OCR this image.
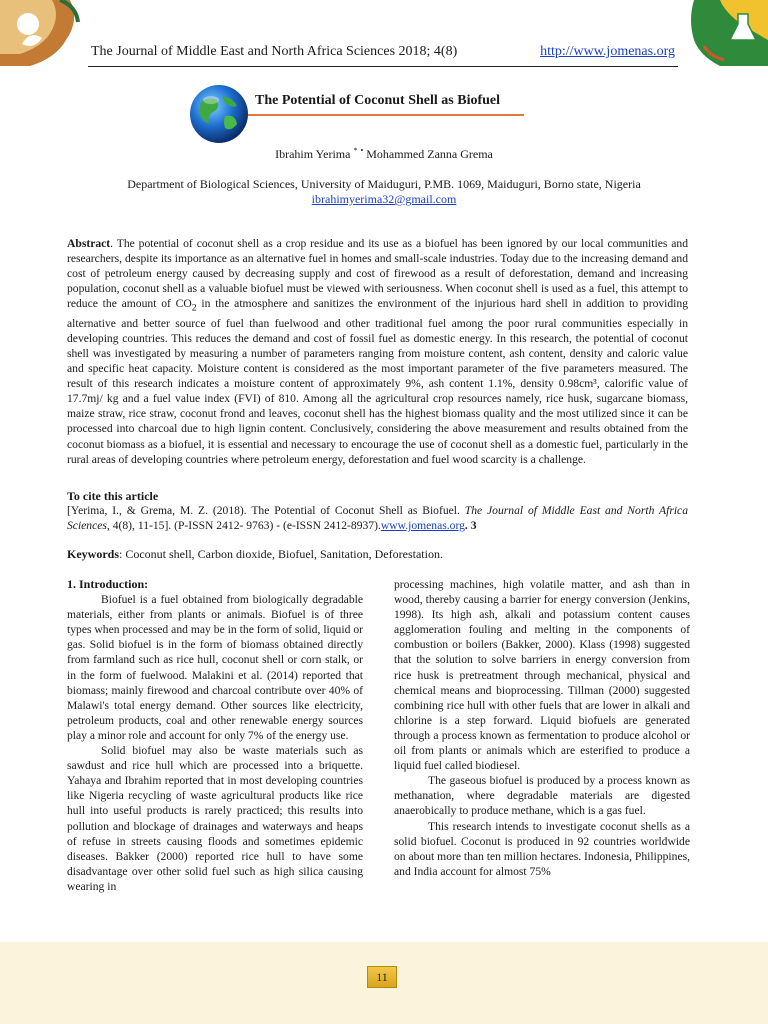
The Journal of Middle East and North Africa Sciences 2018; 4(8)	http://www.jomenas.org
The Potential of Coconut Shell as Biofuel
Ibrahim Yerima * • Mohammed Zanna Grema
Department of Biological Sciences, University of Maiduguri, P.MB. 1069, Maiduguri, Borno state, Nigeria
ibrahimyerima32@gmail.com

Abstract. The potential of coconut shell as a crop residue and its use as a biofuel has been ignored by our local communities and researchers, despite its importance as an alternative fuel in homes and small-scale industries. Today due to the increasing demand and cost of petroleum energy caused by decreasing supply and cost of firewood as a result of deforestation, demand and increasing population, coconut shell as a valuable biofuel must be viewed with seriousness. When coconut shell is used as a fuel, this attempt to reduce the amount of $CO_2$ in the atmosphere and sanitizes the environment of the injurious hard shell in addition to providing alternative and better source of fuel than fuelwood and other traditional fuel among the poor rural communities especially in developing countries. This reduces the demand and cost of fossil fuel as domestic energy. In this research, the potential of coconut shell was investigated by measuring a number of parameters ranging from moisture content, ash content, density and caloric value and specific heat capacity. Moisture content is considered as the most important parameter of the five parameters measured. The result of this research indicates a moisture content of approximately 9%, ash content 1.1%, density 0.98cm³, calorific value of 17.7mj/ kg and a fuel value index (FVI) of 810. Among all the agricultural crop resources namely, rice husk, sugarcane biomass, maize straw, rice straw, coconut frond and leaves, coconut shell has the highest biomass quality and the most utilized since it can be processed into charcoal due to high lignin content. Conclusively, considering the above measurement and results obtained from the coconut biomass as a biofuel, it is essential and necessary to encourage the use of coconut shell as a domestic fuel, particularly in the rural areas of developing countries where petroleum energy, deforestation and fuel wood scarcity is a challenge.

To cite this article

[Yerima, I., & Grema, M. Z. (2018). The Potential of Coconut Shell as Biofuel. The Journal of Middle East and North Africa Sciences, 4(8), 11-15]. (P-ISSN 2412- 9763) - (e-ISSN 2412-8937).www.jomenas.org. 3

Keywords: Coconut shell, Carbon dioxide, Biofuel, Sanitation, Deforestation.

1. Introduction:

Biofuel is a fuel obtained from biologically degradable materials, either from plants or animals. Biofuel is of three types when processed and may be in the form of solid, liquid or gas. Solid biofuel is in the form of biomass obtained directly from farmland such as rice hull, coconut shell or corn stalk, or in the form of fuelwood. Malakini et al. (2014) reported that biomass; mainly firewood and charcoal contribute over 40% of Malawi's total energy demand. Other sources like electricity, petroleum products, coal and other renewable energy sources play a minor role and account for only 7% of the energy use.

Solid biofuel may also be waste materials such as sawdust and rice hull which are processed into a briquette. Yahaya and Ibrahim reported that in most developing countries like Nigeria recycling of waste agricultural products like rice hull into useful products is rarely practiced; this results into pollution and blockage of drainages and waterways and heaps of refuse in streets causing floods and sometimes epidemic diseases. Bakker (2000) reported rice hull to have some disadvantage over other solid fuel such as high silica causing wearing in

processing machines, high volatile matter, and ash than in wood, thereby causing a barrier for energy conversion (Jenkins, 1998). Its high ash, alkali and potassium content causes agglomeration fouling and melting in the components of combustion or boilers (Bakker, 2000). Klass (1998) suggested that the solution to solve barriers in energy conversion from rice husk is pretreatment through mechanical, physical and chemical means and bioprocessing. Tillman (2000) suggested combining rice hull with other fuels that are lower in alkali and chlorine is a step forward. Liquid biofuels are generated through a process known as fermentation to produce alcohol or oil from plants or animals which are esterified to produce a liquid fuel called biodiesel.

The gaseous biofuel is produced by a process known as methanation, where degradable materials are digested anaerobically to produce methane, which is a gas fuel.

This research intends to investigate coconut shells as a solid biofuel. Coconut is produced in 92 countries worldwide on about more than ten million hectares. Indonesia, Philippines, and India account for almost 75%

11
